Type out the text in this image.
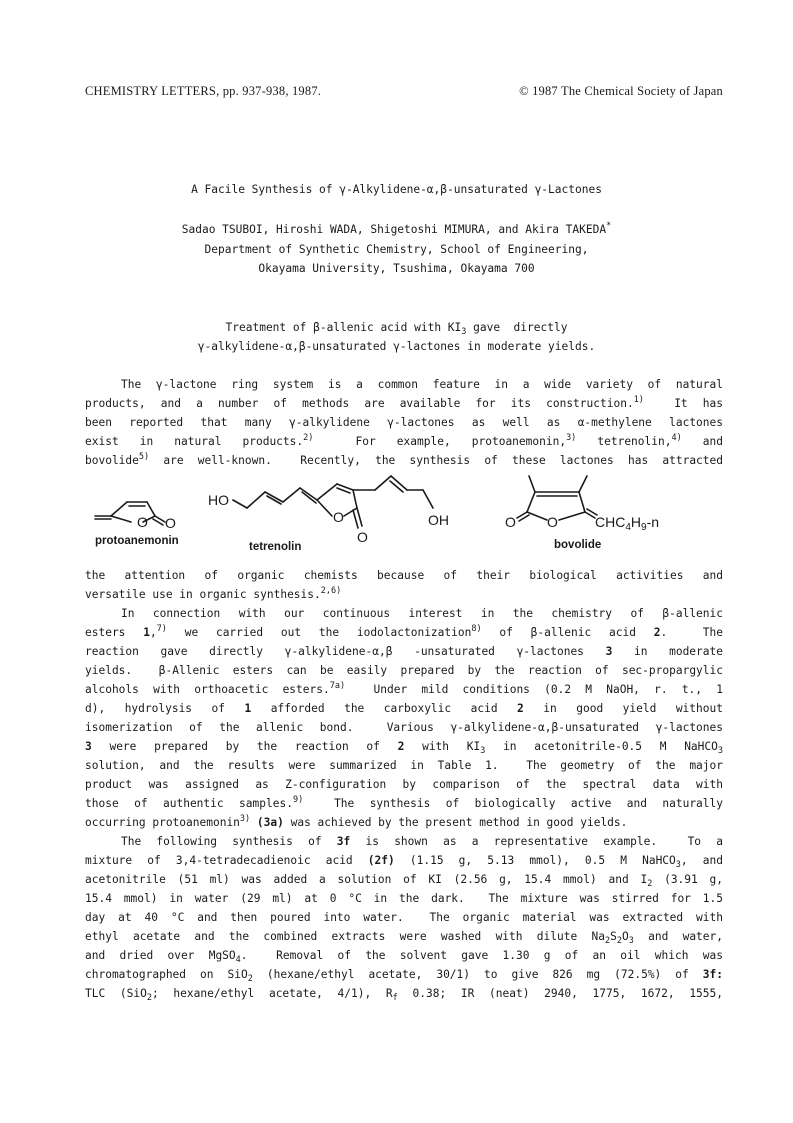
CHEMISTRY LETTERS, pp. 937-938, 1987.	© 1987 The Chemical Society of Japan
A Facile Synthesis of γ-Alkylidene-α,β-unsaturated γ-Lactones
Sadao TSUBOI, Hiroshi WADA, Shigetoshi MIMURA, and Akira TAKEDA*
Department of Synthetic Chemistry, School of Engineering,
Okayama University, Tsushima, Okayama 700
Treatment of β-allenic acid with $KI_3$ gave  directly
γ-alkylidene-α,β-unsaturated γ-lactones in moderate yields.
The γ-lactone ring system is a common feature in a wide variety of natural
products, and a number of methods are available for its construction.$^{1)}$  It has
been reported that many γ-alkylidene γ-lactones as well as α-methylene lactones
exist in natural products.$^{2)}$  For example, protoanemonin,$^{3)}$ tetrenolin,$^{4)}$ and
bovolide$^{5)}$ are well-known.  Recently, the synthesis of these lactones has attracted
O O
HO
O
O
OH	O O	$CHC_4H_9-n$
protoanemonin	tetrenolin	bovolide
the attention of organic chemists because of their biological activities and
versatile use in organic synthesis.$^{2,6)}$
In connection with our continuous interest in the chemistry of β-allenic
esters 1,$^{7)}$ we carried out the iodolactonization$^{8)}$ of β-allenic acid 2.  The
reaction gave directly γ-alkylidene-α,β -unsaturated γ-lactones 3 in moderate
yields.  β-Allenic esters can be easily prepared by the reaction of sec-propargylic
alcohols with orthoacetic esters.$^{7a)}$  Under mild conditions (0.2 M NaOH, r. t., 1
d), hydrolysis of 1 afforded the carboxylic acid 2 in good yield without
isomerization of the allenic bond.  Various γ-alkylidene-α,β-unsaturated γ-lactones
3 were prepared by the reaction of 2 with $KI_3$ in acetonitrile-0.5 M NaHCO$_3$
solution, and the results were summarized in Table 1.  The geometry of the major
product was assigned as Z-configuration by comparison of the spectral data with
those of authentic samples.$^{9)}$  The synthesis of biologically active and naturally
occurring protoanemonin$^{3)}$ (3a) was achieved by the present method in good yields.
The following synthesis of 3f is shown as a representative example.  To a
mixture of 3,4-tetradecadienoic acid (2f) (1.15 g, 5.13 mmol), 0.5 M NaHCO$_3$, and
acetonitrile (51 ml) was added a solution of KI (2.56 g, 15.4 mmol) and $I_2$ (3.91 g,
15.4 mmol) in water (29 ml) at 0 °C in the dark.  The mixture was stirred for 1.5
day at 40 °C and then poured into water.  The organic material was extracted with
ethyl acetate and the combined extracts were washed with dilute $Na_2S_2O_3$ and water,
and dried over MgSO$_4$.  Removal of the solvent gave 1.30 g of an oil which was
chromatographed on SiO$_2$ (hexane/ethyl acetate, 30/1) to give 826 mg (72.5%) of 3f:
TLC (SiO$_2$; hexane/ethyl acetate, 4/1), $R_f$ 0.38; IR (neat) 2940, 1775, 1672, 1555,
